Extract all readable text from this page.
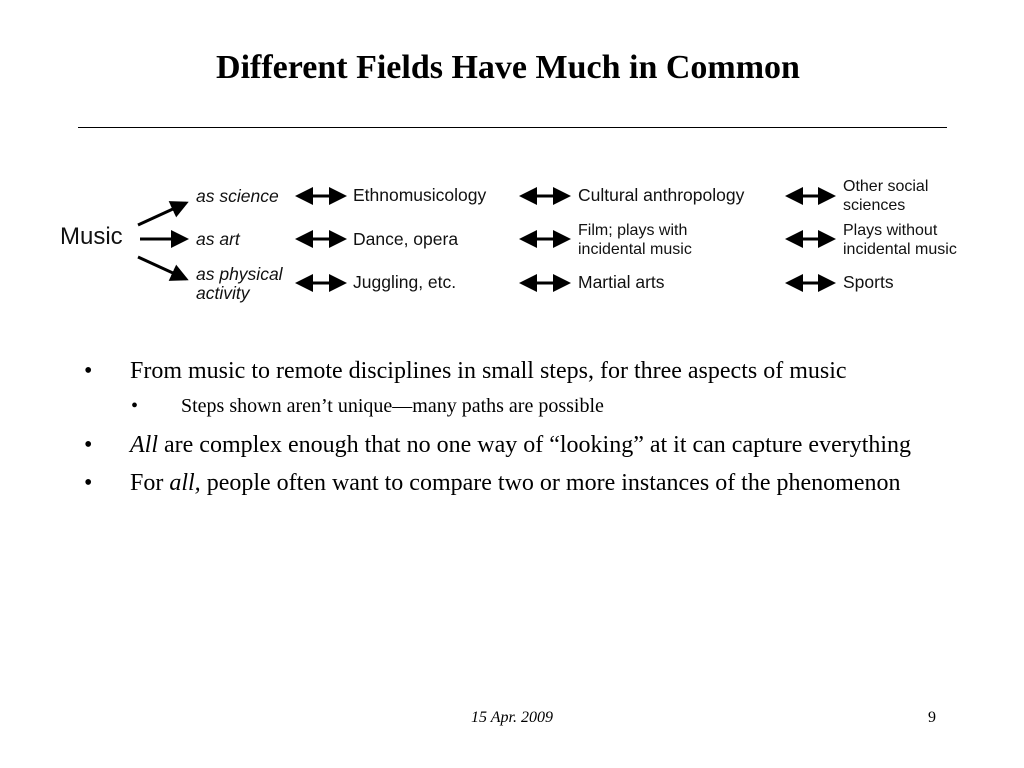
Different Fields Have Much in Common
Music
as science
as art
as physical
activity
Ethnomusicology
Dance, opera
Juggling, etc.
Cultural anthropology
Film; plays with
incidental music
Martial arts
Other social
sciences
Plays without
incidental music
Sports
• From music to remote disciplines in small steps, for three aspects of music
• Steps shown aren’t unique—many paths are possible
• All are complex enough that no one way of “looking” at it can capture everything
• For all, people often want to compare two or more instances of the phenomenon
15 Apr. 2009	9
